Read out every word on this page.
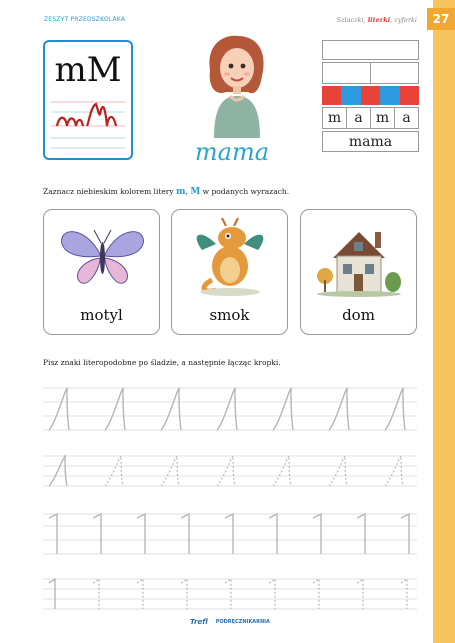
27
ZESZYT PRZEDSZKOLAKA	Szlaczki, literki, cyferki
mM
mama
m a m a
mama
Zaznacz niebieskim kolorem litery m, M w podanych wyrazach.
motyl	smok	dom
Pisz znaki literopodobne po śladzie, a następnie łącząc kropki.
Trefl PODRĘCZNIKARNIA
